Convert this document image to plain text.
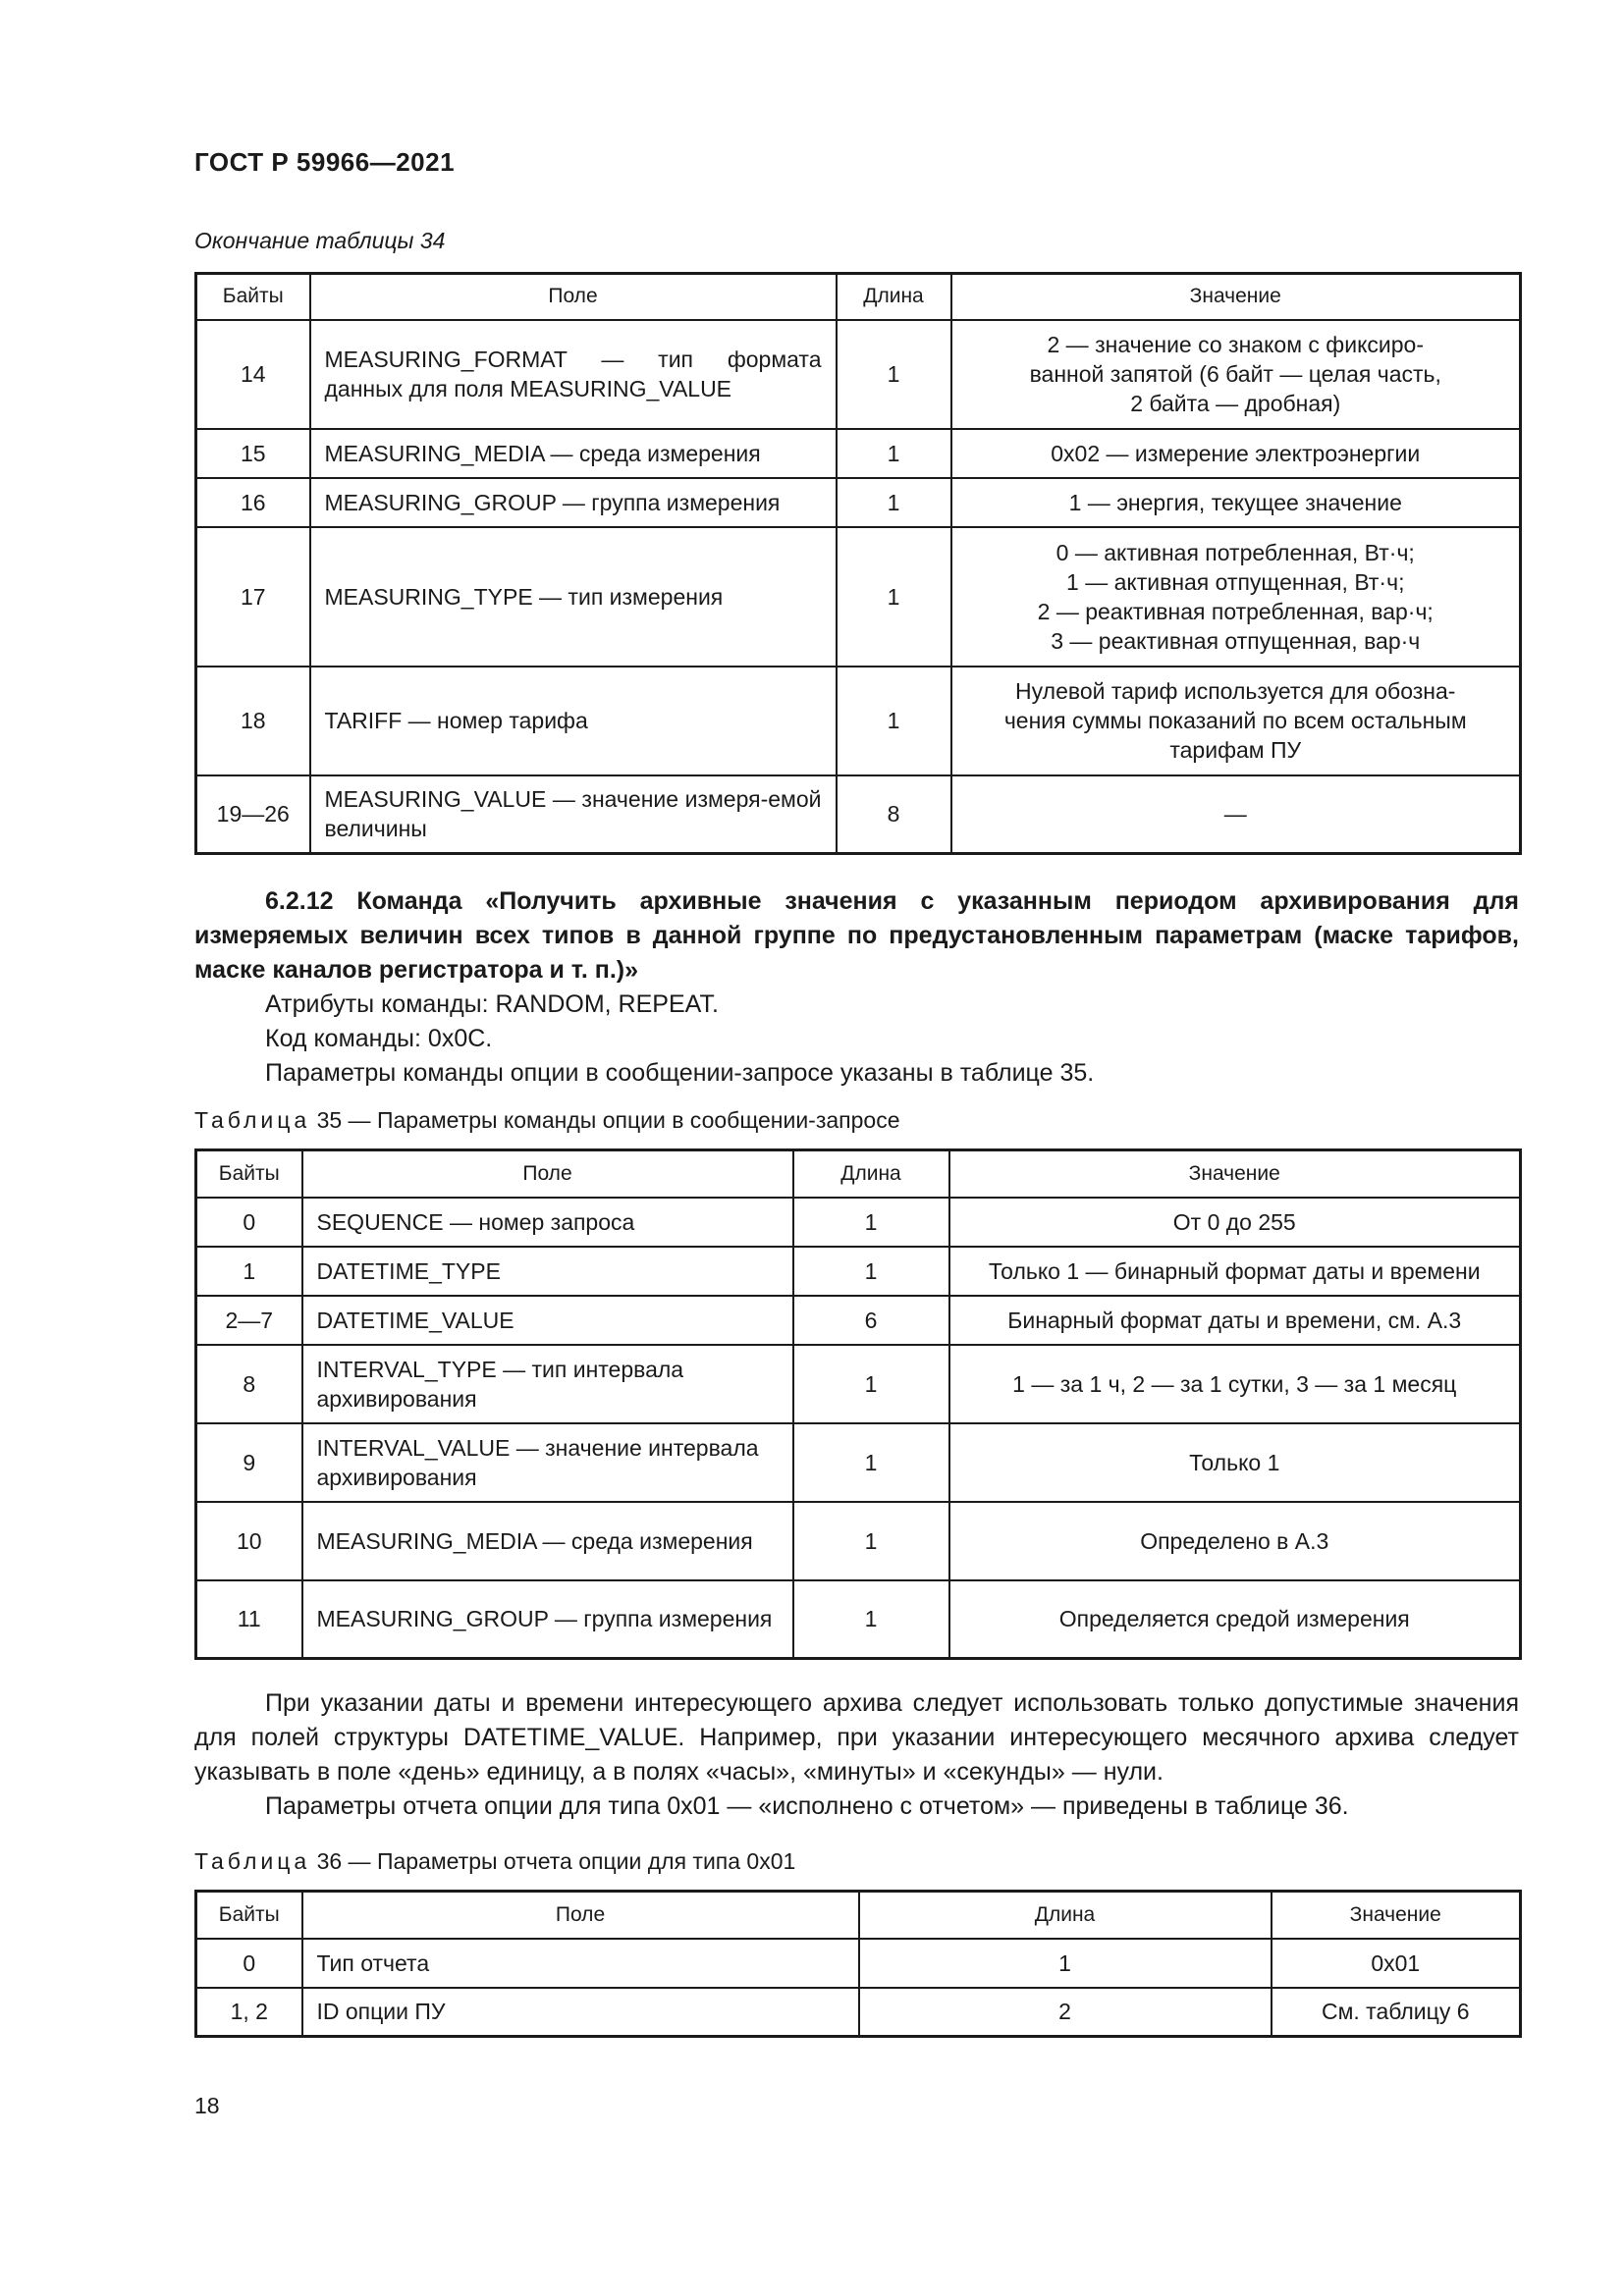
ГОСТ Р 59966—2021
Окончание таблицы 34
Байты	Поле	Длина	Значение
14	MEASURING_FORMAT — тип формата данных для поля MEASURING_VALUE	1	2 — значение со знаком с фиксиро-
ванной запятой (6 байт — целая часть,
2 байта — дробная)

15	MEASURING_MEDIA — среда измерения	1	0x02 — измерение электроэнергии
16	MEASURING_GROUP — группа измерения	1	1 — энергия, текущее значение
17	MEASURING_TYPE — тип измерения	1	0 — активная потребленная, Вт·ч;
1 — активная отпущенная, Вт·ч;
2 — реактивная потребленная, вар·ч;
3 — реактивная отпущенная, вар·ч

18	TARIFF — номер тарифа	1	Нулевой тариф используется для обозна-
чения суммы показаний по всем остальным
тарифам ПУ

19—26	MEASURING_VALUE — значение измеря-емой величины	8	—

6.2.12 Команда «Получить архивные значения с указанным периодом архивирования для измеряемых величин всех типов в данной группе по предустановленным параметрам (маске тарифов, маске каналов регистратора и т. п.)»

Атрибуты команды: RANDOM, REPEAT.

Код команды: 0x0C.

Параметры команды опции в сообщении-запросе указаны в таблице 35.

Таблица 35 — Параметры команды опции в сообщении-запросе
Байты	Поле	Длина	Значение
0	SEQUENCE — номер запроса	1	От 0 до 255
1	DATETIME_TYPE	1	Только 1 — бинарный формат даты и времени
2—7	DATETIME_VALUE	6	Бинарный формат даты и времени, см. А.3
8	INTERVAL_TYPE — тип интервала архивирования	1	1 — за 1 ч, 2 — за 1 сутки, 3 — за 1 месяц
9	INTERVAL_VALUE — значение интервала архивирования	1	Только 1
10	MEASURING_MEDIA — среда измерения	1	Определено в А.3
11	MEASURING_GROUP — группа измерения	1	Определяется средой измерения

При указании даты и времени интересующего архива следует использовать только допустимые значения для полей структуры DATETIME_VALUE. Например, при указании интересующего месячного архива следует указывать в поле «день» единицу, а в полях «часы», «минуты» и «секунды» — нули.

Параметры отчета опции для типа 0x01 — «исполнено с отчетом» — приведены в таблице 36.

Таблица 36 — Параметры отчета опции для типа 0x01
Байты	Поле	Длина	Значение
0	Тип отчета	1	0x01
1, 2	ID опции ПУ	2	См. таблицу 6
18
